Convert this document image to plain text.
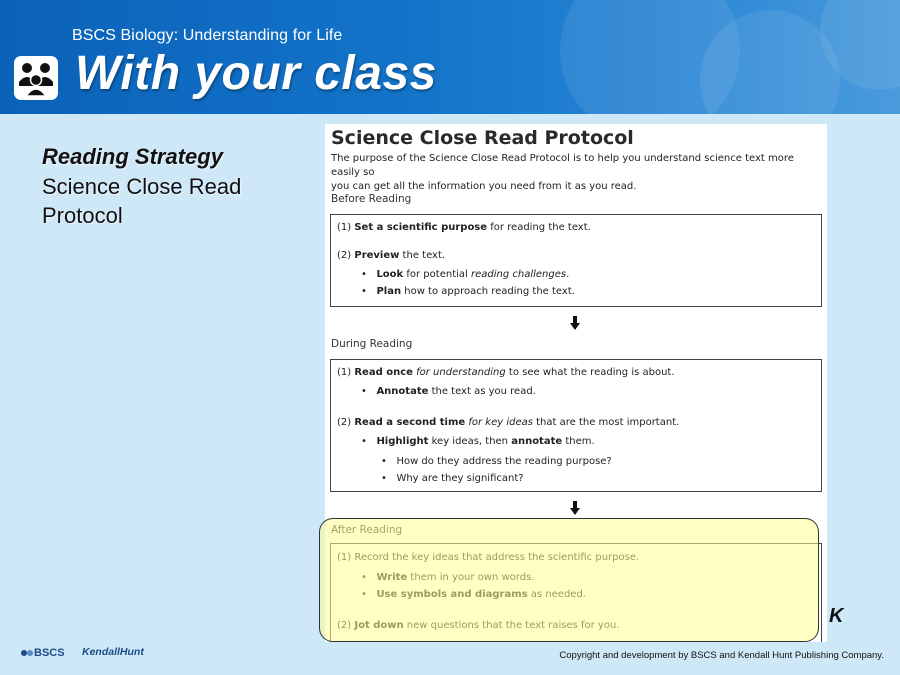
BSCS Biology: Understanding for Life
With your class
Reading Strategy
Science Close Read
Protocol
Science Close Read Protocol
The purpose of the Science Close Read Protocol is to help you understand science text more easily so
you can get all the information you need from it as you read.
Before Reading
(1) Set a scientific purpose for reading the text.
(2) Preview the text.
•   Look for potential reading challenges.
•   Plan how to approach reading the text.
During Reading
(1) Read once for understanding to see what the reading is about.
•   Annotate the text as you read.
(2) Read a second time for key ideas that are the most important.
•   Highlight key ideas, then annotate them.
•   How do they address the reading purpose?
•   Why are they significant?
K
BSCS KendallHunt	Copyright and development by BSCS and Kendall Hunt Publishing Company.
